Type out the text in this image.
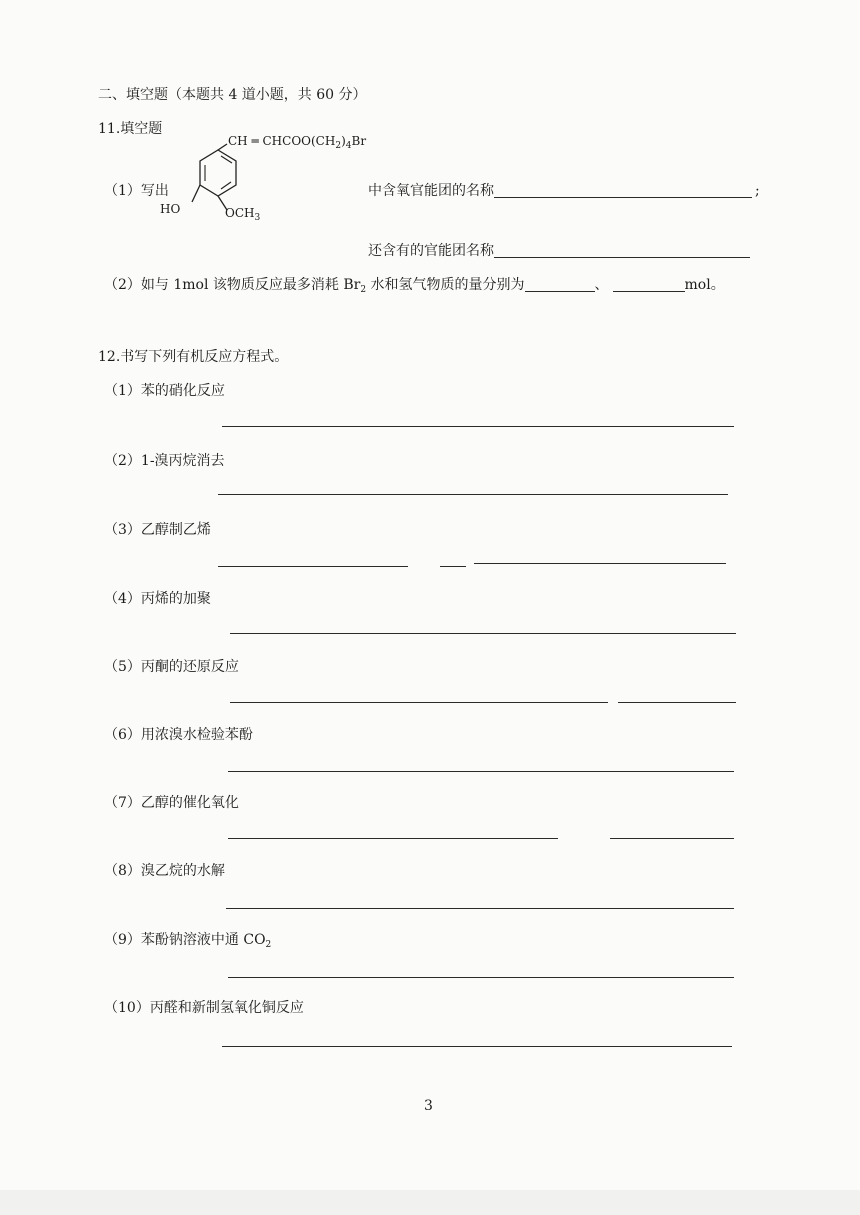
二、填空题（本题共 4 道小题，共 60 分）
11.填空题
（1）写出
CH ═ $CHCOO(CH_2)_4Br$
HO	$OCH_3$
中含氧官能团的名称	;
还含有的官能团名称
（2）如与 1mol 该物质反应最多消耗 $Br_2$ 水和氢气物质的量分别为	、	mol。
12.书写下列有机反应方程式。
（1）苯的硝化反应
（2）1-溴丙烷消去
（3）乙醇制乙烯
（4）丙烯的加聚
（5）丙酮的还原反应
（6）用浓溴水检验苯酚
（7）乙醇的催化氧化
（8）溴乙烷的水解
（9）苯酚钠溶液中通 $CO_2$
（10）丙醛和新制氢氧化铜反应
3
